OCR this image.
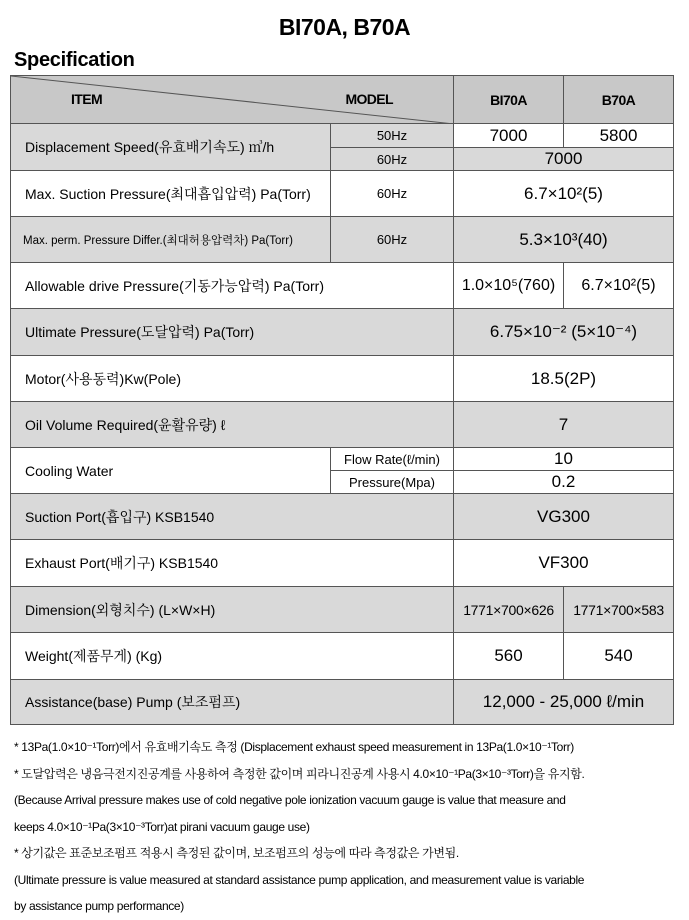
BI70A, B70A
Specification
ITEM MODEL		BI70A	B70A
Displacement Speed(유효배기속도) ㎥/h	50Hz	7000	5800
	60Hz	7000	
Max. Suction Pressure(최대흡입압력) Pa(Torr)	60Hz	6.7×10²(5)	
Max. perm. Pressure Differ.(최대허용압력차) Pa(Torr)	60Hz	5.3×10³(40)	
Allowable drive Pressure(기동가능압력) Pa(Torr)		1.0×10⁵(760)	6.7×10²(5)
Ultimate Pressure(도달압력) Pa(Torr)		6.75×10⁻² (5×10⁻⁴)	
Motor(사용동력)Kw(Pole)		18.5(2P)	
Oil Volume Required(윤활유량) ℓ		7	
Cooling Water	Flow Rate(ℓ/min)	10	
	Pressure(Mpa)	0.2	
Suction Port(흡입구) KSB1540		VG300	
Exhaust Port(배기구) KSB1540		VF300	
Dimension(외형치수) (L×W×H)		1771×700×626	1771×700×583
Weight(제품무게) (Kg)		560	540
Assistance(base) Pump (보조펌프)		12,000 - 25,000 ℓ/min	
* 13Pa(1.0×10⁻¹Torr)에서 유효배기속도 측정 (Displacement exhaust speed measurement in 13Pa(1.0×10⁻¹Torr)
* 도달압력은 냉음극전지진공계를 사용하여 측정한 값이며 피라니진공계 사용시 4.0×10⁻¹Pa(3×10⁻³Torr)을 유지함.
(Because Arrival pressure makes use of cold negative pole ionization vacuum gauge is value that measure and
keeps 4.0×10⁻¹Pa(3×10⁻³Torr)at pirani vacuum gauge use)
* 상기값은 표준보조펌프 적용시 측정된 값이며, 보조펌프의 성능에 따라 측정값은 가변됨.
(Ultimate pressure is value measured at standard assistance pump application, and measurement value is variable
by assistance pump performance)
